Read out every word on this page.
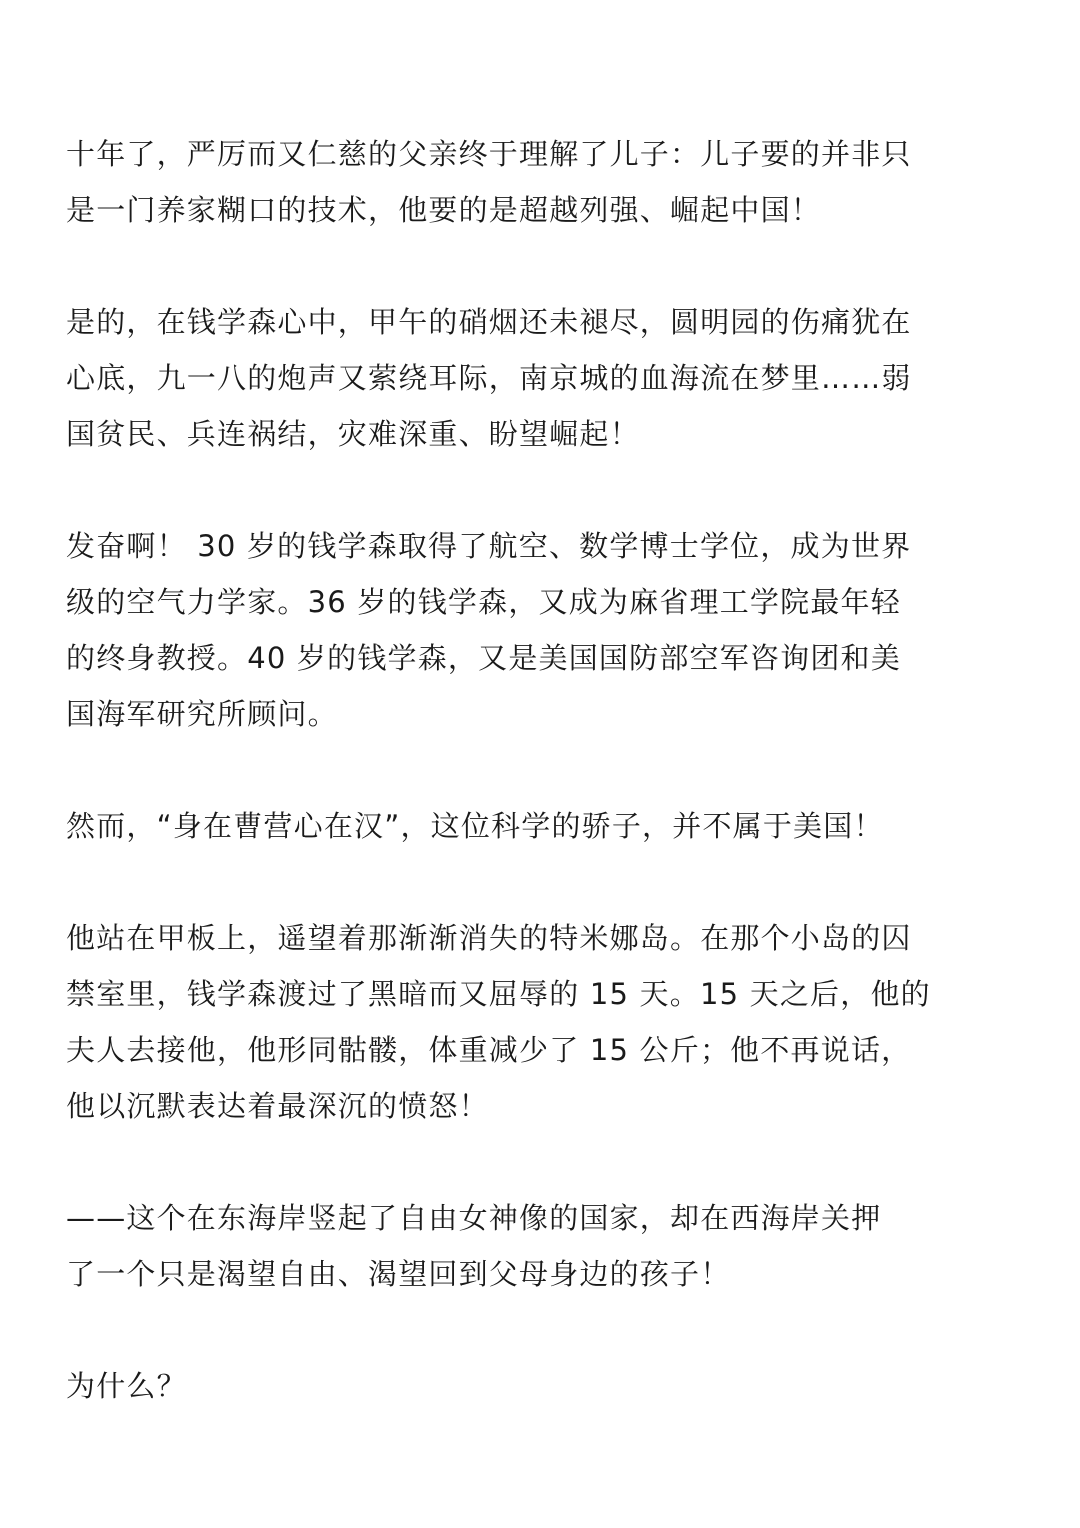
十年了，严厉而又仁慈的父亲终于理解了儿子：儿子要的并非只
是一门养家糊口的技术，他要的是超越列强、崛起中国！
是的，在钱学森心中，甲午的硝烟还未褪尽，圆明园的伤痛犹在
心底，九一八的炮声又萦绕耳际，南京城的血海流在梦里……弱
国贫民、兵连祸结，灾难深重、盼望崛起！
发奋啊！ 30 岁的钱学森取得了航空、数学博士学位，成为世界
级的空气力学家。36 岁的钱学森，又成为麻省理工学院最年轻
的终身教授。40 岁的钱学森，又是美国国防部空军咨询团和美
国海军研究所顾问。
然而，“身在曹营心在汉”，这位科学的骄子，并不属于美国！
他站在甲板上，遥望着那渐渐消失的特米娜岛。在那个小岛的囚
禁室里，钱学森渡过了黑暗而又屈辱的 15 天。15 天之后，他的
夫人去接他，他形同骷髅，体重减少了 15 公斤；他不再说话，
他以沉默表达着最深沉的愤怒！
——这个在东海岸竖起了自由女神像的国家，却在西海岸关押
了一个只是渴望自由、渴望回到父母身边的孩子！
为什么？
